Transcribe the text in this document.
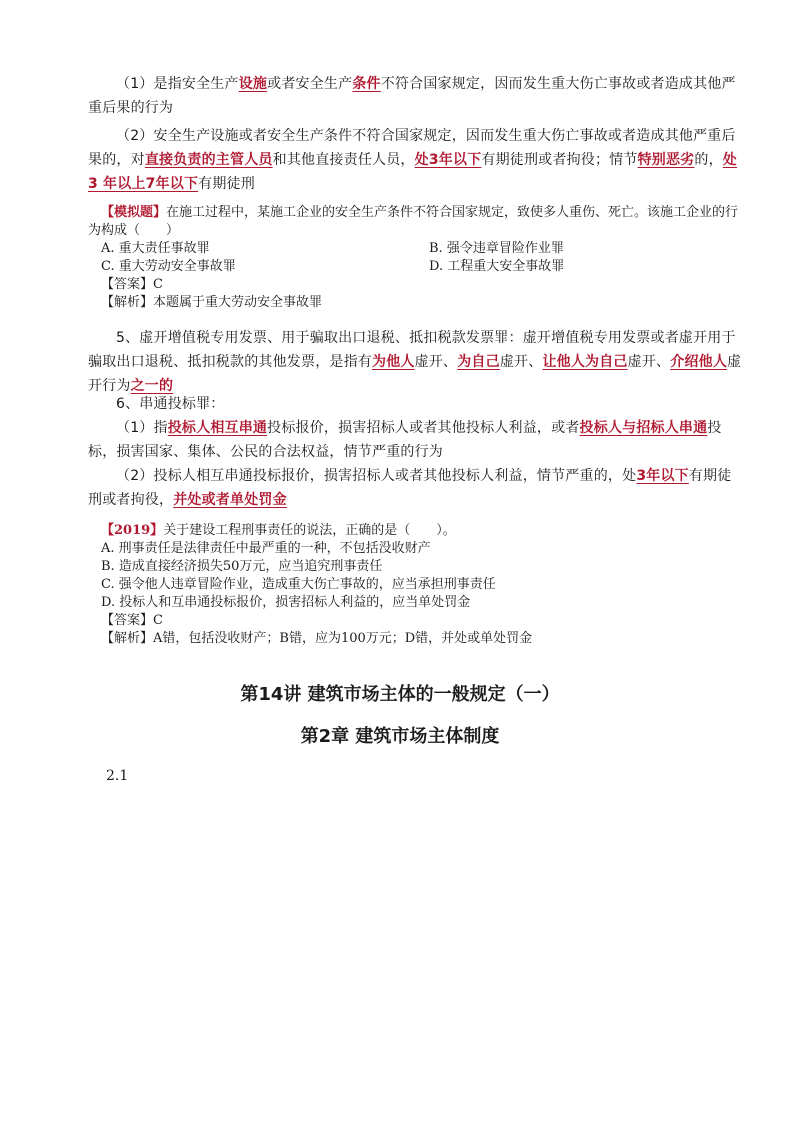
（1）是指安全生产设施或者安全生产条件不符合国家规定，因而发生重大伤亡事故或者造成其他严重后果的行为

（2）安全生产设施或者安全生产条件不符合国家规定，因而发生重大伤亡事故或者造成其他严重后果的，对直接负责的主管人员和其他直接责任人员，处3年以下有期徒刑或者拘役；情节特别恶劣的，处3 年以上7年以下有期徒刑

【模拟题】在施工过程中，某施工企业的安全生产条件不符合国家规定，致使多人重伤、死亡。该施工企业的行为构成（　　）
A. 重大责任事故罪	B. 强令违章冒险作业罪
C. 重大劳动安全事故罪	D. 工程重大安全事故罪
【答案】C
【解析】本题属于重大劳动安全事故罪

5、虚开增值税专用发票、用于骗取出口退税、抵扣税款发票罪：虚开增值税专用发票或者虚开用于骗取出口退税、抵扣税款的其他发票，是指有为他人虚开、为自己虚开、让他人为自己虚开、介绍他人虚开行为之一的

6、串通投标罪：

（1）指投标人相互串通投标报价，损害招标人或者其他投标人利益，或者投标人与招标人串通投标，损害国家、集体、公民的合法权益，情节严重的行为

（2）投标人相互串通投标报价，损害招标人或者其他投标人利益，情节严重的，处3年以下有期徒刑或者拘役，并处或者单处罚金

【2019】关于建设工程刑事责任的说法，正确的是（　　）。
A. 刑事责任是法律责任中最严重的一种，不包括没收财产
B. 造成直接经济损失50万元，应当追究刑事责任
C. 强令他人违章冒险作业，造成重大伤亡事故的，应当承担刑事责任
D. 投标人和互串通投标报价，损害招标人利益的，应当单处罚金
【答案】C
【解析】A错，包括没收财产；B错，应为100万元；D错，并处或单处罚金

第14讲 建筑市场主体的一般规定（一）

第2章 建筑市场主体制度

2.1
